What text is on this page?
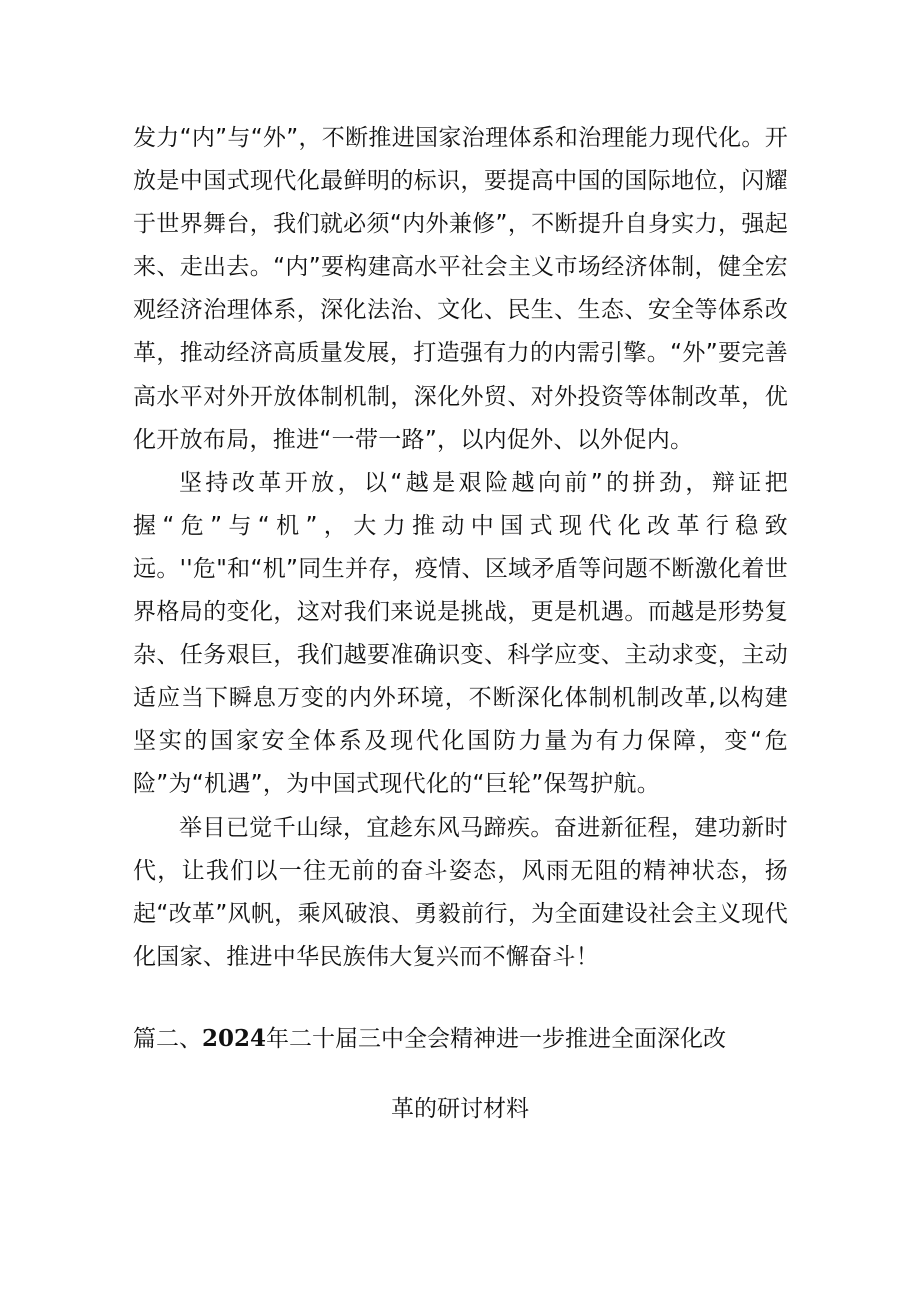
发力“内”与“外”，不断推进国家治理体系和治理能力现代化。开放是中国式现代化最鲜明的标识，要提高中国的国际地位，闪耀于世界舞台，我们就必须“内外兼修”，不断提升自身实力，强起来、走出去。“内”要构建高水平社会主义市场经济体制，健全宏观经济治理体系，深化法治、文化、民生、生态、安全等体系改革，推动经济高质量发展，打造强有力的内需引擎。“外”要完善高水平对外开放体制机制，深化外贸、对外投资等体制改革，优化开放布局，推进“一带一路”，以内促外、以外促内。

坚持改革开放，以“越是艰险越向前”的拼劲，辩证把握“危”与“机”，大力推动中国式现代化改革行稳致远。''危"和“机”同生并存，疫情、区域矛盾等问题不断激化着世界格局的变化，这对我们来说是挑战，更是机遇。而越是形势复杂、任务艰巨，我们越要准确识变、科学应变、主动求变，主动适应当下瞬息万变的内外环境，不断深化体制机制改革,以构建坚实的国家安全体系及现代化国防力量为有力保障，变“危险”为“机遇”，为中国式现代化的“巨轮”保驾护航。

举目已觉千山绿，宜趁东风马蹄疾。奋进新征程，建功新时代，让我们以一往无前的奋斗姿态，风雨无阻的精神状态，扬起“改革”风帆，乘风破浪、勇毅前行，为全面建设社会主义现代化国家、推进中华民族伟大复兴而不懈奋斗！

篇二、2024年二十届三中全会精神进一步推进全面深化改
革的研讨材料
